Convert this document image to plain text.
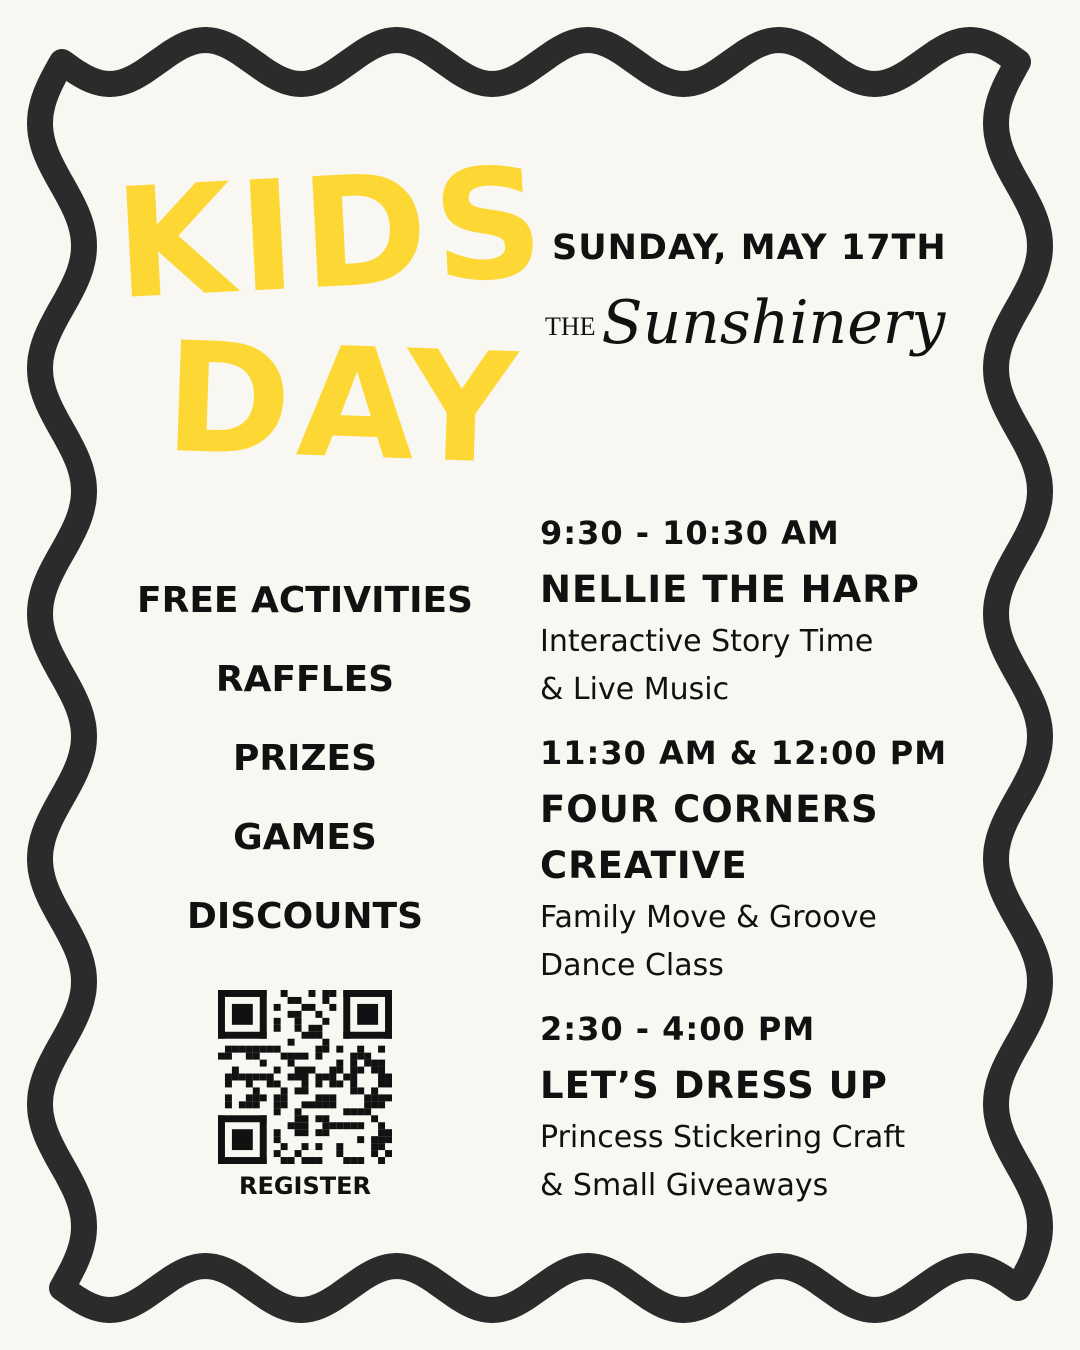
KIDS
DAY
SUNDAY, MAY 17TH
THE Sunshinery
FREE ACTIVITIES
RAFFLES
PRIZES
GAMES
DISCOUNTS
REGISTER
9:30 - 10:30 AM
NELLIE THE HARP
Interactive Story Time
& Live Music
11:30 AM & 12:00 PM
FOUR CORNERS
CREATIVE
Family Move & Groove
Dance Class
2:30 - 4:00 PM
LET’S DRESS UP
Princess Stickering Craft
& Small Giveaways
